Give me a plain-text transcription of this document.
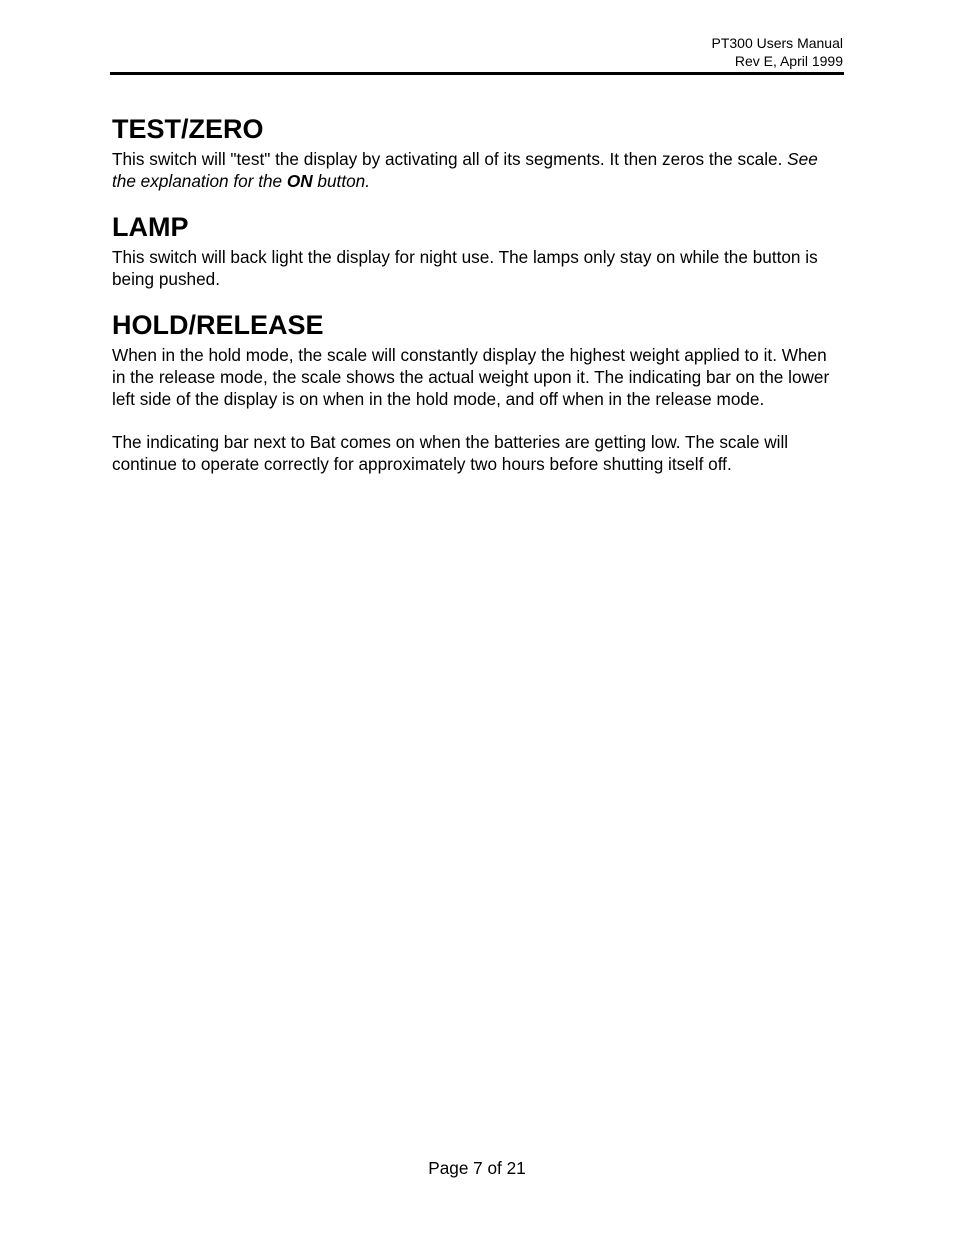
PT300 Users Manual
Rev E, April 1999
TEST/ZERO

This switch will "test" the display by activating all of its segments. It then zeros the scale. See the explanation for the ON button.

LAMP

This switch will back light the display for night use. The lamps only stay on while the button is being pushed.

HOLD/RELEASE

When in the hold mode, the scale will constantly display the highest weight applied to it. When in the release mode, the scale shows the actual weight upon it. The indicating bar on the lower left side of the display is on when in the hold mode, and off when in the release mode.

The indicating bar next to Bat comes on when the batteries are getting low. The scale will continue to operate correctly for approximately two hours before shutting itself off.

Page 7 of 21
